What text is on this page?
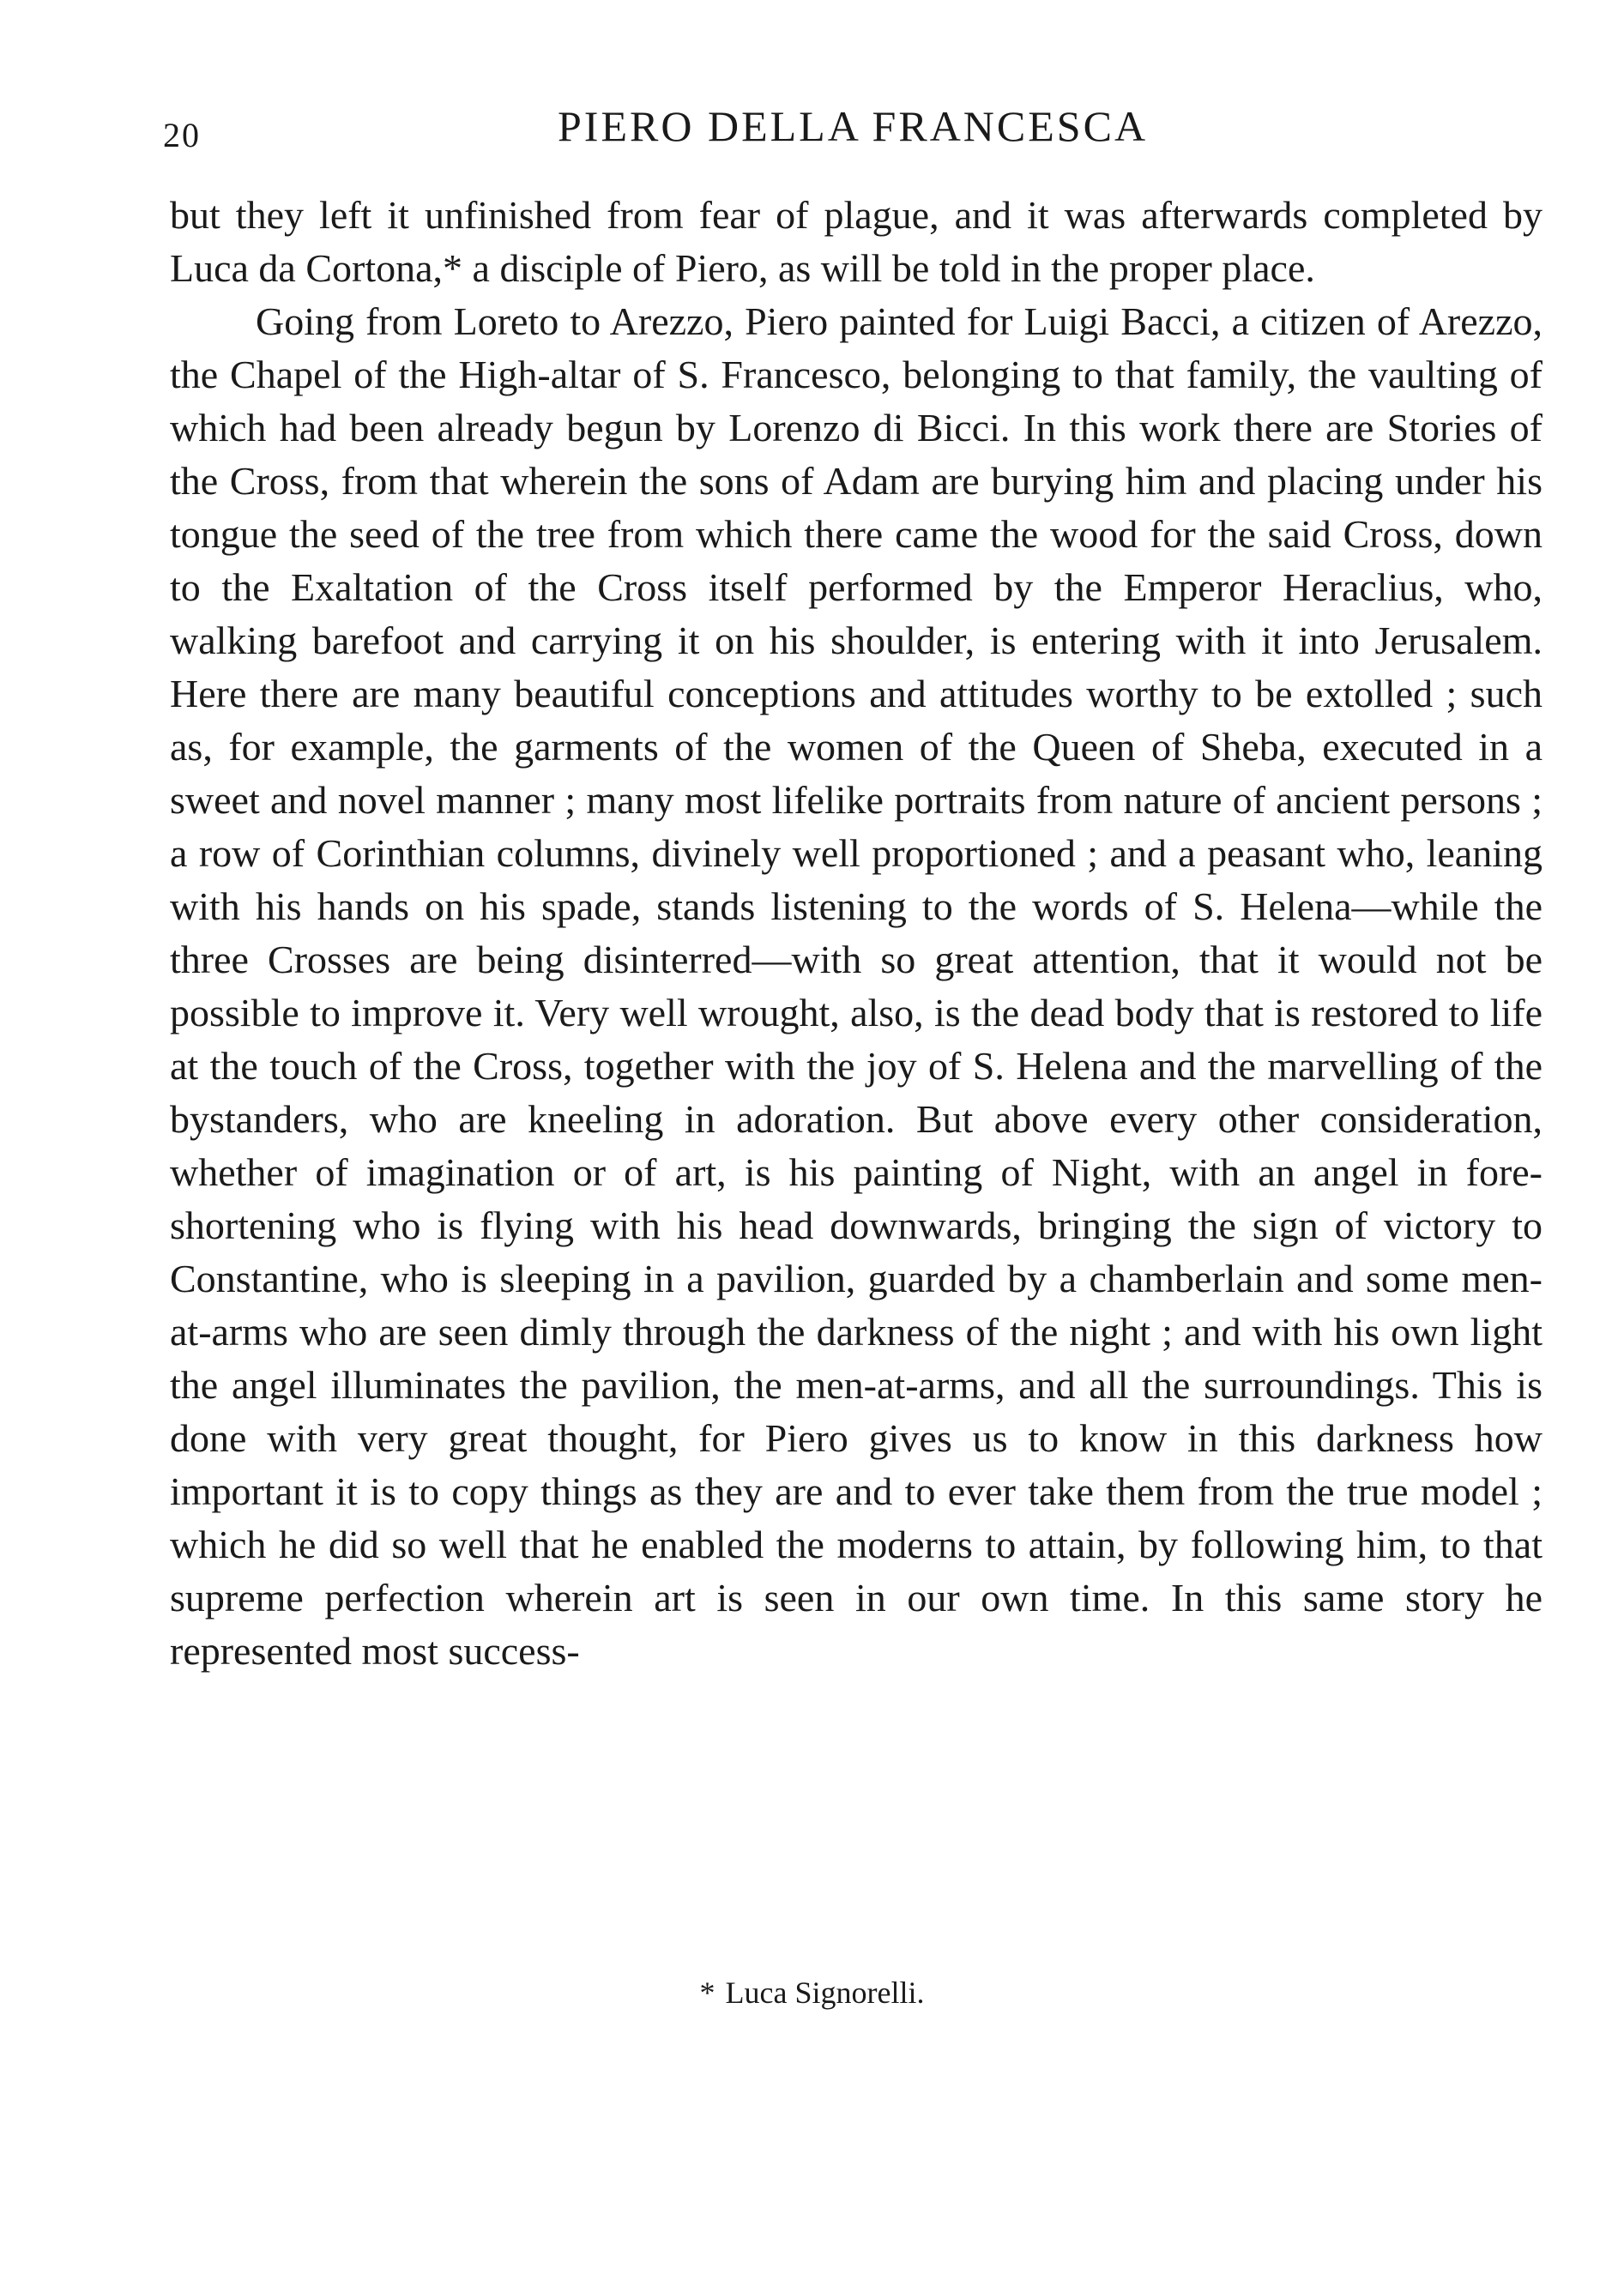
20	PIERO DELLA FRANCESCA

but they left it unfinished from fear of plague, and it was afterwards completed by Luca da Cortona,* a disciple of Piero, as will be told in the proper place.

Going from Loreto to Arezzo, Piero painted for Luigi Bacci, a citizen of Arezzo, the Chapel of the High-altar of S. Francesco, belonging to that family, the vaulting of which had been already begun by Lorenzo di Bicci. In this work there are Stories of the Cross, from that wherein the sons of Adam are burying him and placing under his tongue the seed of the tree from which there came the wood for the said Cross, down to the Exaltation of the Cross itself performed by the Emperor Heraclius, who, walking barefoot and carrying it on his shoulder, is entering with it into Jerusalem. Here there are many beautiful conceptions and attitudes worthy to be extolled ; such as, for example, the garments of the women of the Queen of Sheba, executed in a sweet and novel manner ; many most lifelike portraits from nature of ancient persons ; a row of Corinthian columns, divinely well proportioned ; and a peasant who, leaning with his hands on his spade, stands listening to the words of S. Helena—while the three Crosses are being disinterred—with so great attention, that it would not be possible to improve it. Very well wrought, also, is the dead body that is restored to life at the touch of the Cross, together with the joy of S. Helena and the marvelling of the bystanders, who are kneeling in adoration. But above every other consideration, whether of imagination or of art, is his painting of Night, with an angel in fore-shortening who is flying with his head downwards, bringing the sign of victory to Constantine, who is sleeping in a pavilion, guarded by a chamberlain and some men-at-arms who are seen dimly through the darkness of the night ; and with his own light the angel illuminates the pavilion, the men-at-arms, and all the surroundings. This is done with very great thought, for Piero gives us to know in this darkness how important it is to copy things as they are and to ever take them from the true model ; which he did so well that he enabled the moderns to attain, by following him, to that supreme perfection wherein art is seen in our own time. In this same story he represented most success-

* Luca Signorelli.
